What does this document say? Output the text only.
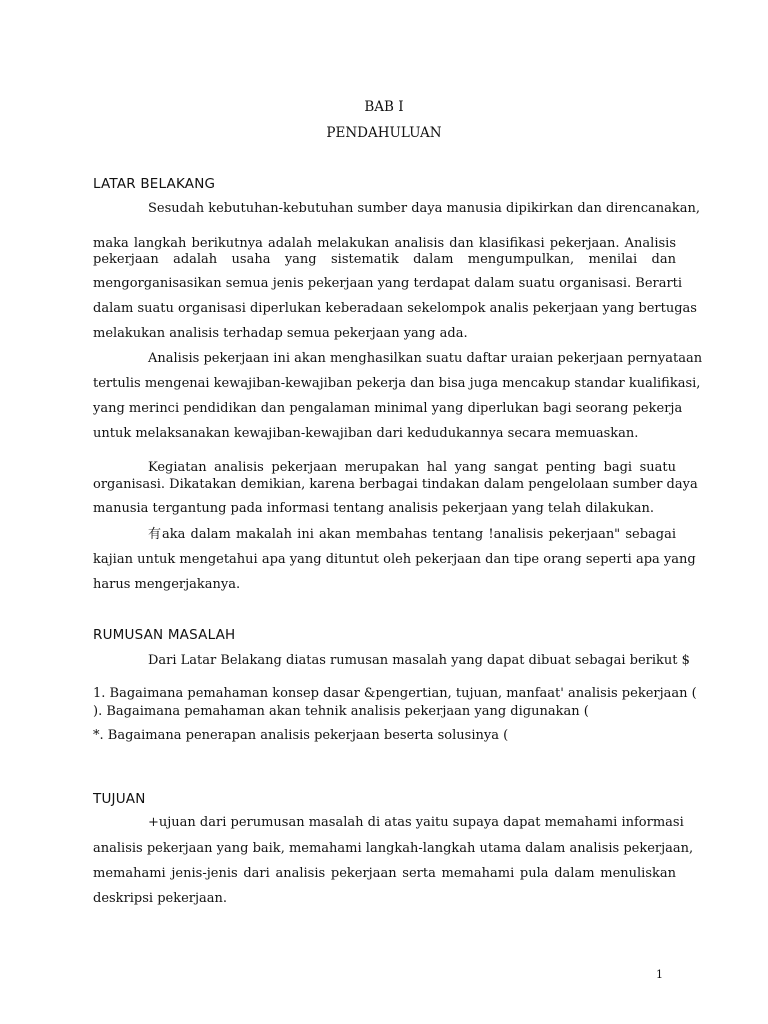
BAB I
PENDAHULUAN
LATAR BELAKANG
Sesudah kebutuhan-kebutuhan sumber daya manusia dipikirkan dan direncanakan,
maka langkah berikutnya adalah melakukan analisis dan klasifikasi pekerjaan. Analisis
pekerjaan adalah usaha yang sistematik dalam mengumpulkan, menilai dan
mengorganisasikan semua jenis pekerjaan yang terdapat dalam suatu organisasi. Berarti
dalam suatu organisasi diperlukan keberadaan sekelompok analis pekerjaan yang bertugas
melakukan analisis terhadap semua pekerjaan yang ada.
Analisis pekerjaan ini akan menghasilkan suatu daftar uraian pekerjaan pernyataan
tertulis mengenai kewajiban-kewajiban pekerja dan bisa juga mencakup standar kualifikasi,
yang merinci pendidikan dan pengalaman minimal yang diperlukan bagi seorang pekerja
untuk melaksanakan kewajiban-kewajiban dari kedudukannya secara memuaskan.
Kegiatan analisis pekerjaan merupakan hal yang sangat penting bagi suatu
organisasi. Dikatakan demikian, karena berbagai tindakan dalam pengelolaan sumber daya
manusia tergantung pada informasi tentang analisis pekerjaan yang telah dilakukan.
有aka dalam makalah ini akan membahas tentang !analisis pekerjaan" sebagai
kajian untuk mengetahui apa yang dituntut oleh pekerjaan dan tipe orang seperti apa yang
harus mengerjakanya.
RUMUSAN MASALAH
Dari Latar Belakang diatas rumusan masalah yang dapat dibuat sebagai berikut $
1. Bagaimana pemahaman konsep dasar &pengertian, tujuan, manfaat' analisis pekerjaan (
). Bagaimana pemahaman akan tehnik analisis pekerjaan yang digunakan (
*. Bagaimana penerapan analisis pekerjaan beserta solusinya (
TUJUAN
+ujuan dari perumusan masalah di atas yaitu supaya dapat memahami informasi
analisis pekerjaan yang baik, memahami langkah-langkah utama dalam analisis pekerjaan,
memahami jenis-jenis dari analisis pekerjaan serta memahami pula dalam menuliskan
deskripsi pekerjaan.
1
